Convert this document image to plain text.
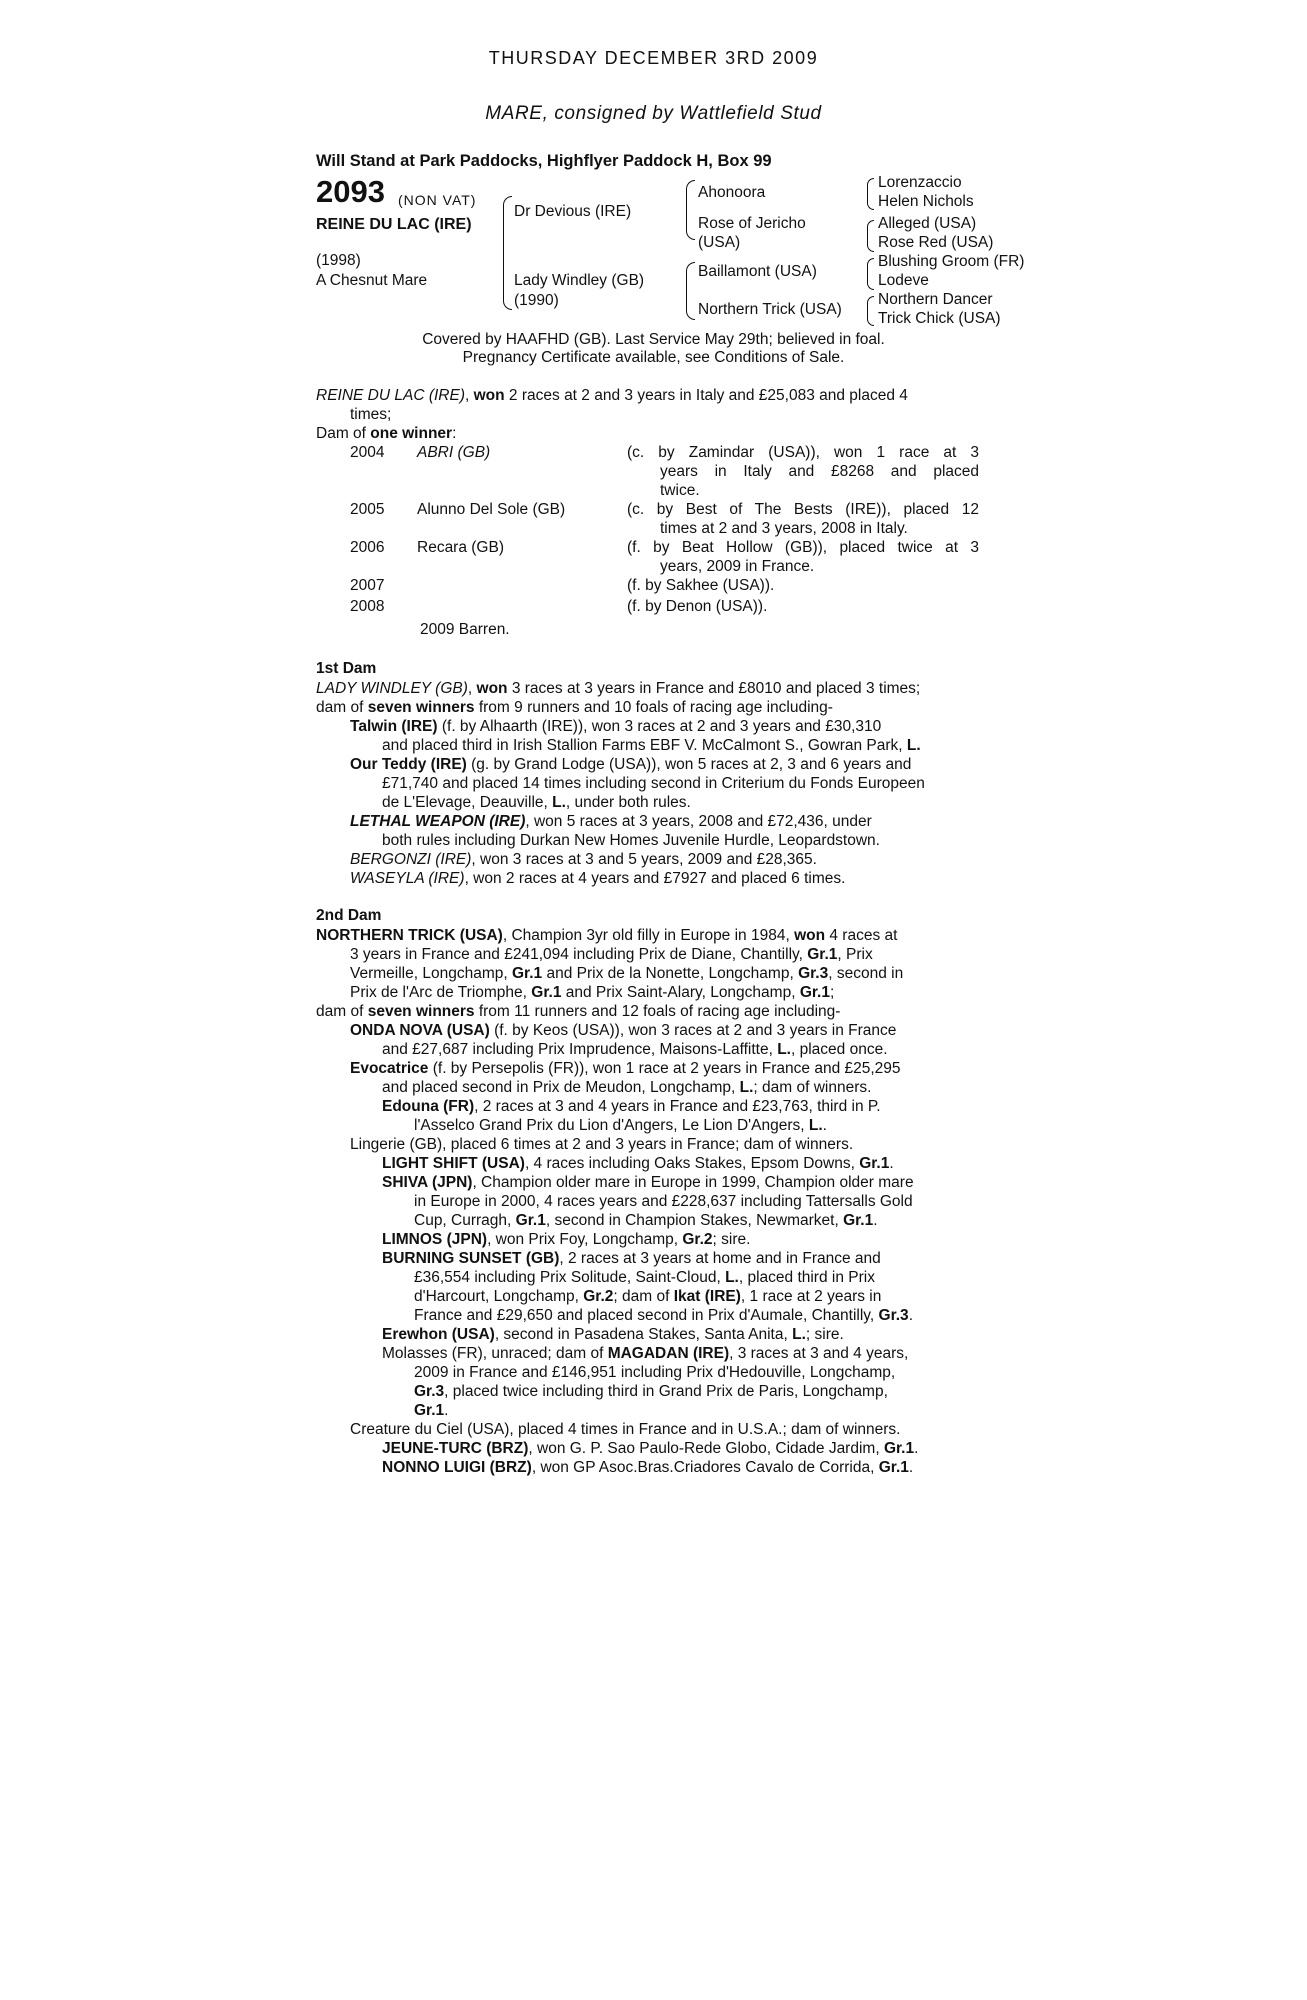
THURSDAY DECEMBER 3RD 2009
MARE, consigned by Wattlefield Stud
Will Stand at Park Paddocks, Highflyer Paddock H, Box 99
2093 (NON VAT)
REINE DU LAC (IRE)
(1998)
A Chesnut Mare
Dr Devious (IRE)
Lady Windley (GB)
(1990)
Ahonoora
Rose of Jericho
(USA)
Baillamont (USA)
Northern Trick (USA)
Lorenzaccio
Helen Nichols
Alleged (USA)
Rose Red (USA)
Blushing Groom (FR)
Lodeve
Northern Dancer
Trick Chick (USA)
Covered by HAAFHD (GB). Last Service May 29th; believed in foal.
Pregnancy Certificate available, see Conditions of Sale.
REINE DU LAC (IRE), won 2 races at 2 and 3 years in Italy and £25,083 and placed 4
times;
Dam of one winner:
2004 ABRI (GB)	(c. by Zamindar (USA)), won 1 race at 3
years in Italy and £8268 and placed
twice.
2005 Alunno Del Sole (GB)	(c. by Best of The Bests (IRE)), placed 12
times at 2 and 3 years, 2008 in Italy.
2006 Recara (GB)	(f. by Beat Hollow (GB)), placed twice at 3
years, 2009 in France.
2007	(f. by Sakhee (USA)).
2008	(f. by Denon (USA)).
2009 Barren.
1st Dam
LADY WINDLEY (GB), won 3 races at 3 years in France and £8010 and placed 3 times;
dam of seven winners from 9 runners and 10 foals of racing age including-
Talwin (IRE) (f. by Alhaarth (IRE)), won 3 races at 2 and 3 years and £30,310
and placed third in Irish Stallion Farms EBF V. McCalmont S., Gowran Park, L.
Our Teddy (IRE) (g. by Grand Lodge (USA)), won 5 races at 2, 3 and 6 years and
£71,740 and placed 14 times including second in Criterium du Fonds Europeen
de L'Elevage, Deauville, L., under both rules.
LETHAL WEAPON (IRE), won 5 races at 3 years, 2008 and £72,436, under
both rules including Durkan New Homes Juvenile Hurdle, Leopardstown.
BERGONZI (IRE), won 3 races at 3 and 5 years, 2009 and £28,365.
WASEYLA (IRE), won 2 races at 4 years and £7927 and placed 6 times.
2nd Dam
NORTHERN TRICK (USA), Champion 3yr old filly in Europe in 1984, won 4 races at
3 years in France and £241,094 including Prix de Diane, Chantilly, Gr.1, Prix
Vermeille, Longchamp, Gr.1 and Prix de la Nonette, Longchamp, Gr.3, second in
Prix de l'Arc de Triomphe, Gr.1 and Prix Saint-Alary, Longchamp, Gr.1;
dam of seven winners from 11 runners and 12 foals of racing age including-
ONDA NOVA (USA) (f. by Keos (USA)), won 3 races at 2 and 3 years in France
and £27,687 including Prix Imprudence, Maisons-Laffitte, L., placed once.
Evocatrice (f. by Persepolis (FR)), won 1 race at 2 years in France and £25,295
and placed second in Prix de Meudon, Longchamp, L.; dam of winners.
Edouna (FR), 2 races at 3 and 4 years in France and £23,763, third in P.
l'Asselco Grand Prix du Lion d'Angers, Le Lion D'Angers, L..
Lingerie (GB), placed 6 times at 2 and 3 years in France; dam of winners.
LIGHT SHIFT (USA), 4 races including Oaks Stakes, Epsom Downs, Gr.1.
SHIVA (JPN), Champion older mare in Europe in 1999, Champion older mare
in Europe in 2000, 4 races years and £228,637 including Tattersalls Gold
Cup, Curragh, Gr.1, second in Champion Stakes, Newmarket, Gr.1.
LIMNOS (JPN), won Prix Foy, Longchamp, Gr.2; sire.
BURNING SUNSET (GB), 2 races at 3 years at home and in France and
£36,554 including Prix Solitude, Saint-Cloud, L., placed third in Prix
d'Harcourt, Longchamp, Gr.2; dam of Ikat (IRE), 1 race at 2 years in
France and £29,650 and placed second in Prix d'Aumale, Chantilly, Gr.3.
Erewhon (USA), second in Pasadena Stakes, Santa Anita, L.; sire.
Molasses (FR), unraced; dam of MAGADAN (IRE), 3 races at 3 and 4 years,
2009 in France and £146,951 including Prix d'Hedouville, Longchamp,
Gr.3, placed twice including third in Grand Prix de Paris, Longchamp,
Gr.1.
Creature du Ciel (USA), placed 4 times in France and in U.S.A.; dam of winners.
JEUNE-TURC (BRZ), won G. P. Sao Paulo-Rede Globo, Cidade Jardim, Gr.1.
NONNO LUIGI (BRZ), won GP Asoc.Bras.Criadores Cavalo de Corrida, Gr.1.
